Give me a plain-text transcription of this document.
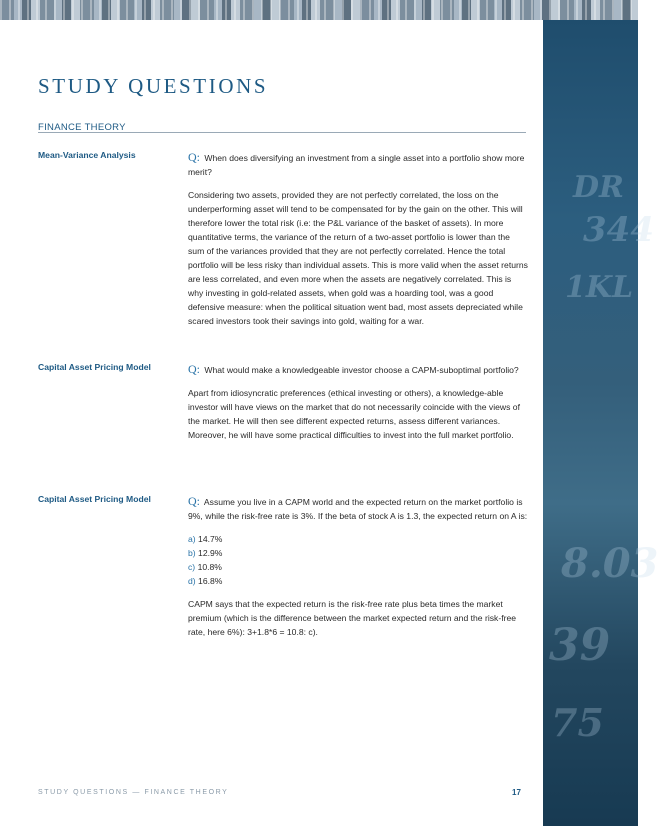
DR
344
1KL
8.03
39
75
STUDY QUESTIONS
FINANCE THEORY
Mean-Variance Analysis	Q: When does diversifying an investment from a single asset into a portfolio show more merit?

Considering two assets, provided they are not perfectly correlated, the loss on the underperforming asset will tend to be compensated for by the gain on the other. This will therefore lower the total risk (i.e: the P&L variance of the basket of assets). In more quantitative terms, the variance of the return of a two-asset portfolio is lower than the sum of the variances provided that they are not perfectly correlated. Hence the total portfolio will be less risky than individual assets. This is more valid when the asset returns are less correlated, and even more when the assets are negatively correlated. This is why investing in gold-related assets, when gold was a hoarding tool, was a good defensive measure: when the political situation went bad, most assets depreciated while scared investors took their savings into gold, waiting for a war.

Capital Asset Pricing Model	Q: What would make a knowledgeable investor choose a CAPM-suboptimal portfolio?

Apart from idiosyncratic preferences (ethical investing or others), a knowledge-able investor will have views on the market that do not necessarily coincide with the views of the market. He will then see different expected returns, assess different variances. Moreover, he will have some practical difficulties to invest into the full market portfolio.

Capital Asset Pricing Model	Q: Assume you live in a CAPM world and the expected return on the market portfolio is 9%, while the risk-free rate is 3%. If the beta of stock A is 1.3, the expected return on A is:

a) 14.7%
b) 12.9%
c) 10.8%
d) 16.8%

CAPM says that the expected return is the risk-free rate plus beta times the market premium (which is the difference between the market expected return and the risk-free rate, here 6%): 3+1.8*6 = 10.8: c).

STUDY QUESTIONS — FINANCE THEORY	17
